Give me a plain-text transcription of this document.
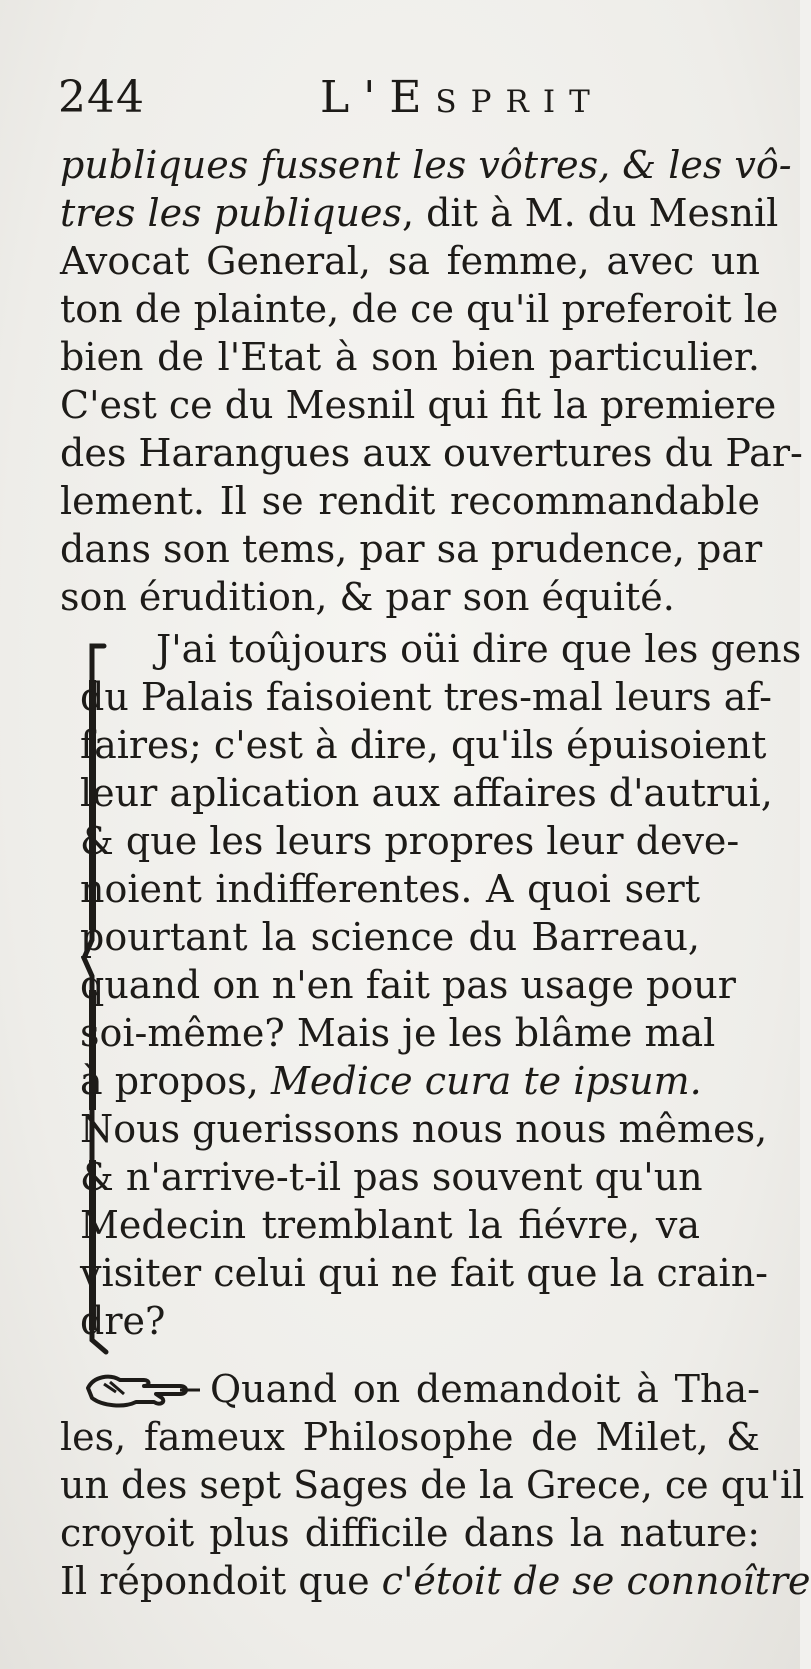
244	L'Esprit
publiques fussent les vôtres, & les vô-
tres les publiques, dit à M. du Mesnil
Avocat General, sa femme, avec un
ton de plainte, de ce qu'il preferoit le
bien de l'Etat à son bien particulier.
C'est ce du Mesnil qui fit la premiere
des Harangues aux ouvertures du Par-
lement. Il se rendit recommandable
dans son tems, par sa prudence, par
son érudition, & par son équité.
J'ai toûjours oüi dire que les gens
du Palais faisoient tres-mal leurs af-
faires; c'est à dire, qu'ils épuisoient
leur aplication aux affaires d'autrui,
& que les leurs propres leur deve-
noient indifferentes. A quoi sert
pourtant la science du Barreau,
quand on n'en fait pas usage pour
soi-même? Mais je les blâme mal
à propos, Medice cura te ipsum.
Nous guerissons nous nous mêmes,
& n'arrive-t-il pas souvent qu'un
Medecin tremblant la fiévre, va
visiter celui qui ne fait que la crain-
dre?
Quand on demandoit à Tha-
les, fameux Philosophe de Milet, &
un des sept Sages de la Grece, ce qu'il
croyoit plus difficile dans la nature:
Il répondoit que c'étoit de se connoître
